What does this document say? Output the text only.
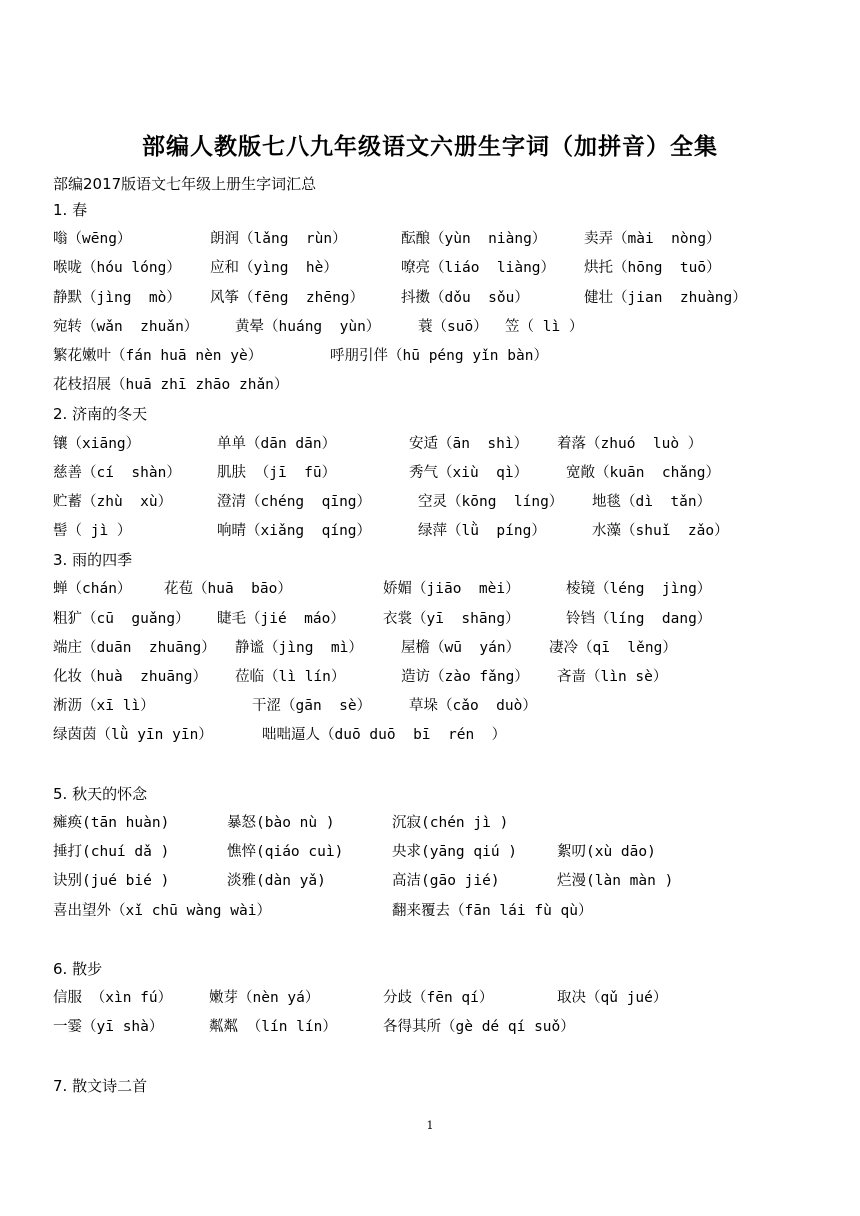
部编人教版七八九年级语文六册生字词（加拼音）全集
部编2017版语文七年级上册生字词汇总
1. 春
嗡（wēng）	朗润（lǎng  rùn）	酝酿（yùn  niàng）	卖弄（mài  nòng）
喉咙（hóu lóng） 应和（yìng  hè）	嘹亮（liáo  liàng） 烘托（hōng  tuō）
静默（jìng  mò） 风筝（fēng  zhēng）	抖擞（dǒu  sǒu）	健壮（jian  zhuàng）
宛转（wǎn  zhuǎn）	黄晕（huáng  yùn）	蓑（suō） 笠（ lì ）
繁花嫩叶（fán huā nèn yè）	呼朋引伴（hū péng yǐn bàn）
花枝招展（huā zhī zhāo zhǎn）
2. 济南的冬天
镶（xiāng）	单单（dān dān）	安适（ān  shì） 着落（zhuó  luò ）
慈善（cí  shàn） 肌肤 （jī  fū）	秀气（xiù  qì）	宽敞（kuān  chǎng）
贮蓄（zhù  xù）	澄清（chéng  qīng）	空灵（kōng  líng） 地毯（dì  tǎn）
髻（ jì ）	响晴（xiǎng  qíng）	绿萍（lǜ  píng）	水藻（shuǐ  zǎo）
3. 雨的四季
蝉（chán） 花苞（huā  bāo）	娇媚（jiāo  mèi）	棱镜（léng  jìng）
粗犷（cū  guǎng） 睫毛（jié  máo）	衣裳（yī  shāng）	铃铛（líng  dang）
端庄（duān  zhuāng） 静谧（jìng  mì）	屋檐（wū  yán） 凄冷（qī  lěng）
化妆（huà  zhuāng） 莅临（lì lín）	造访（zào fǎng） 吝啬（lìn sè）
淅沥（xī lì）	干涩（gān  sè）	草垛（cǎo  duò）
绿茵茵（lǜ yīn yīn）	咄咄逼人（duō duō  bī  rén  ）
5. 秋天的怀念
瘫痪(tān huàn)	暴怒(bào nù )	沉寂(chén jì )
捶打(chuí dǎ )	憔悴(qiáo cuì)	央求(yāng qiú )	絮叨(xù dāo)
诀别(jué bié )	淡雅(dàn yǎ)	高洁(gāo jié)	烂漫(làn màn )
喜出望外（xǐ chū wàng wài）	翻来覆去（fān lái fù qù）
6. 散步
信服 （xìn fú）	嫩芽（nèn yá）	分歧（fēn qí）	取决（qǔ jué）
一霎（yī shà）	粼粼 （lín lín）	各得其所（gè dé qí suǒ）
7. 散文诗二首
1
